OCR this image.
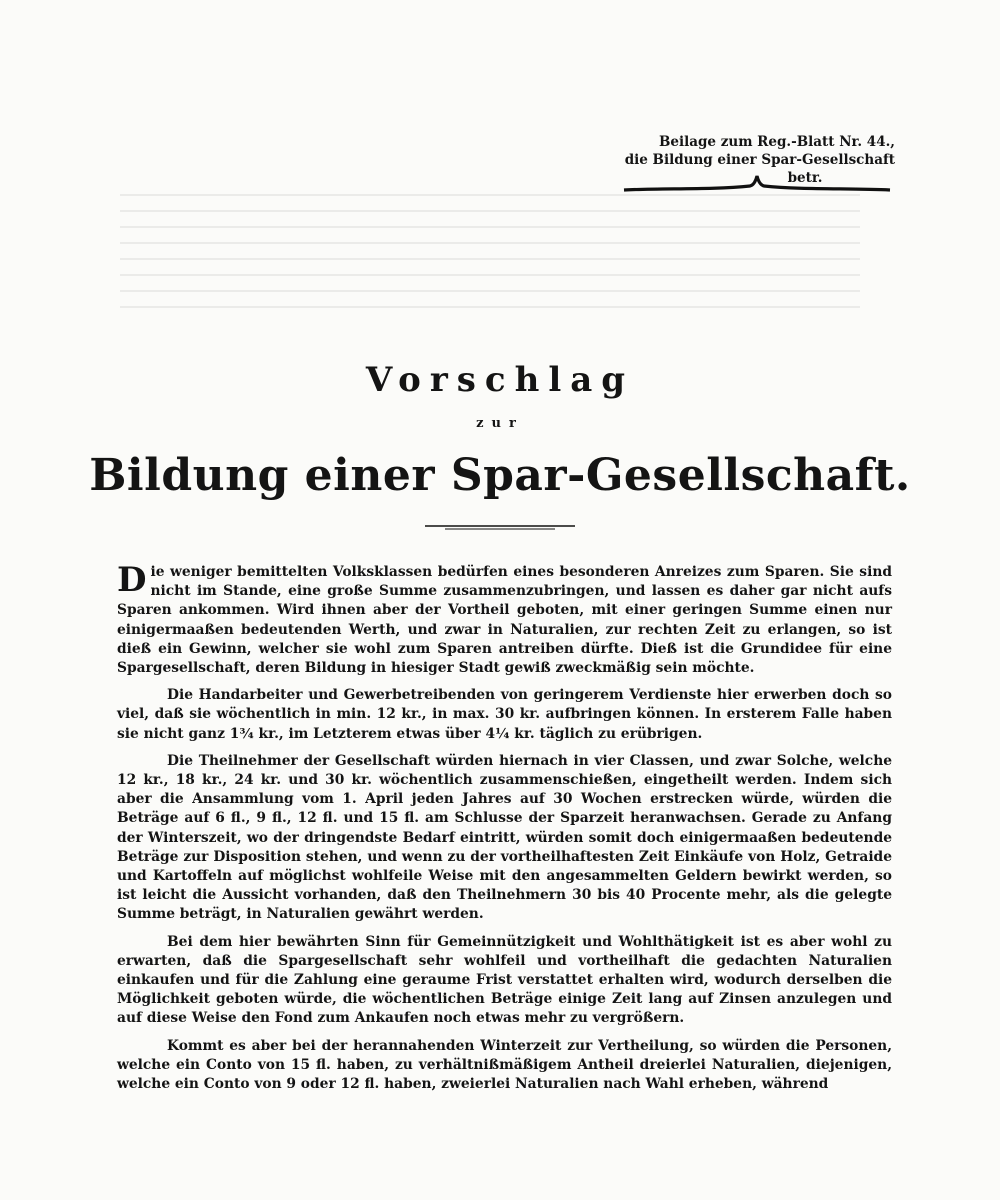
Beilage zum Reg.-Blatt Nr. 44.,
die Bildung einer Spar-Gesellschaft

betr.
Vorschlag
zur
Bildung einer Spar-Gesellschaft.

Die weniger bemittelten Volksklassen bedürfen eines besonderen Anreizes zum Sparen. Sie sind nicht im Stande, eine große Summe zusammenzubringen, und lassen es daher gar nicht aufs Sparen ankommen. Wird ihnen aber der Vortheil geboten, mit einer geringen Summe einen nur einigermaaßen bedeutenden Werth, und zwar in Naturalien, zur rechten Zeit zu erlangen, so ist dieß ein Gewinn, welcher sie wohl zum Sparen antreiben dürfte. Dieß ist die Grundidee für eine Spargesellschaft, deren Bildung in hiesiger Stadt gewiß zweckmäßig sein möchte.

Die Handarbeiter und Gewerbetreibenden von geringerem Verdienste hier erwerben doch so viel, daß sie wöchentlich in min. 12 kr., in max. 30 kr. aufbringen können. In ersterem Falle haben sie nicht ganz 1¾ kr., im Letzterem etwas über 4¼ kr. täglich zu erübrigen.

Die Theilnehmer der Gesellschaft würden hiernach in vier Classen, und zwar Solche, welche 12 kr., 18 kr., 24 kr. und 30 kr. wöchentlich zusammenschießen, eingetheilt werden. Indem sich aber die Ansammlung vom 1. April jeden Jahres auf 30 Wochen erstrecken würde, würden die Beträge auf 6 fl., 9 fl., 12 fl. und 15 fl. am Schlusse der Sparzeit heranwachsen. Gerade zu Anfang der Winterszeit, wo der dringendste Bedarf eintritt, würden somit doch einigermaaßen bedeutende Beträge zur Disposition stehen, und wenn zu der vortheilhaftesten Zeit Einkäufe von Holz, Getraide und Kartoffeln auf möglichst wohlfeile Weise mit den angesammelten Geldern bewirkt werden, so ist leicht die Aussicht vorhanden, daß den Theilnehmern 30 bis 40 Procente mehr, als die gelegte Summe beträgt, in Naturalien gewährt werden.

Bei dem hier bewährten Sinn für Gemeinnützigkeit und Wohlthätigkeit ist es aber wohl zu erwarten, daß die Spargesellschaft sehr wohlfeil und vortheilhaft die gedachten Naturalien einkaufen und für die Zahlung eine geraume Frist verstattet erhalten wird, wodurch derselben die Möglichkeit geboten würde, die wöchentlichen Beträge einige Zeit lang auf Zinsen anzulegen und auf diese Weise den Fond zum Ankaufen noch etwas mehr zu vergrößern.

Kommt es aber bei der herannahenden Winterzeit zur Vertheilung, so würden die Personen, welche ein Conto von 15 fl. haben, zu verhältnißmäßigem Antheil dreierlei Naturalien, diejenigen, welche ein Conto von 9 oder 12 fl. haben, zweierlei Naturalien nach Wahl erheben, während
